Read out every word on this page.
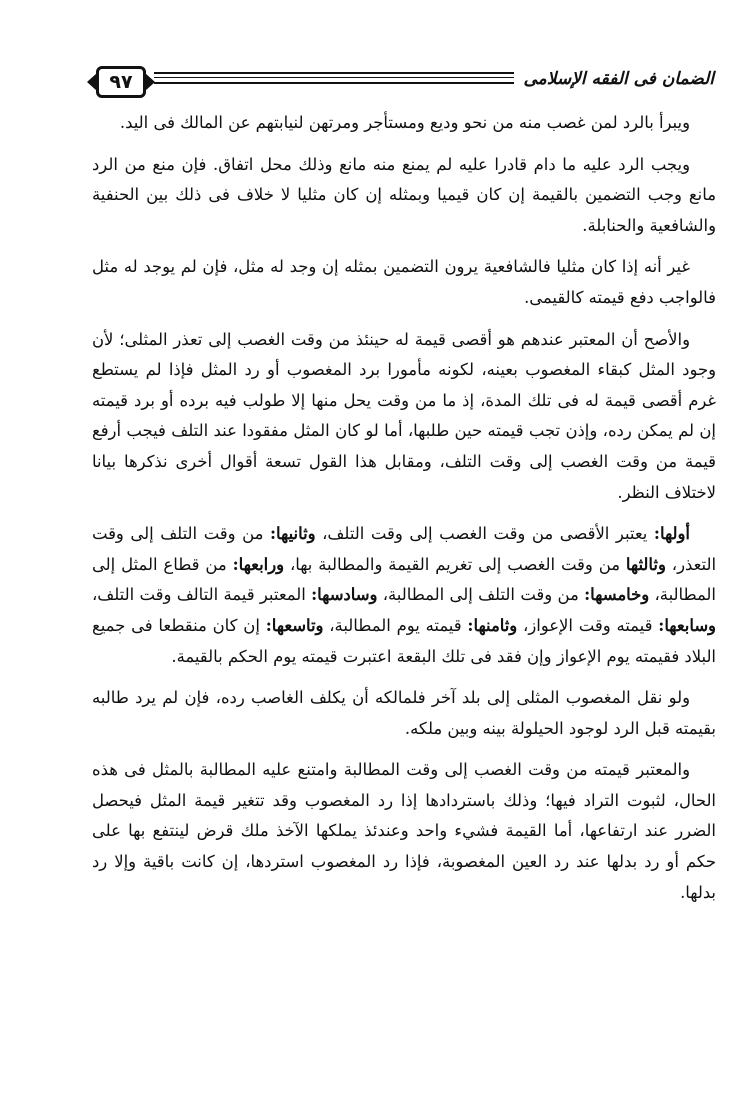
٩٧	الضمان فى الفقه الإسلامى

ويبرأ بالرد لمن غصب منه من نحو وديع ومستأجر ومرتهن لنيابتهم عن المالك فى اليد.

ويجب الرد عليه ما دام قادرا عليه لم يمنع منه مانع وذلك محل اتفاق. فإن منع من الرد مانع وجب التضمين بالقيمة إن كان قيميا وبمثله إن كان مثليا لا خلاف فى ذلك بين الحنفية والشافعية والحنابلة.

غير أنه إذا كان مثليا فالشافعية يرون التضمين بمثله إن وجد له مثل، فإن لم يوجد له مثل فالواجب دفع قيمته كالقيمى.

والأصح أن المعتبر عندهم هو أقصى قيمة له حينئذ من وقت الغصب إلى تعذر المثلى؛ لأن وجود المثل كبقاء المغصوب بعينه، لكونه مأمورا برد المغصوب أو رد المثل فإذا لم يستطع غرم أقصى قيمة له فى تلك المدة، إذ ما من وقت يحل منها إلا طولب فيه برده أو برد قيمته إن لم يمكن رده، وإذن تجب قيمته حين طلبها، أما لو كان المثل مفقودا عند التلف فيجب أرفع قيمة من وقت الغصب إلى وقت التلف، ومقابل هذا القول تسعة أقوال أخرى نذكرها بيانا لاختلاف النظر.

أولها: يعتبر الأقصى من وقت الغصب إلى وقت التلف، وثانيها: من وقت التلف إلى وقت التعذر، وثالثها من وقت الغصب إلى تغريم القيمة والمطالبة بها، ورابعها: من قطاع المثل إلى المطالبة، وخامسها: من وقت التلف إلى المطالبة، وسادسها: المعتبر قيمة التالف وقت التلف، وسابعها: قيمته وقت الإعواز، وثامنها: قيمته يوم المطالبة، وتاسعها: إن كان منقطعا فى جميع البلاد فقيمته يوم الإعواز وإن فقد فى تلك البقعة اعتبرت قيمته يوم الحكم بالقيمة.

ولو نقل المغصوب المثلى إلى بلد آخر فلمالكه أن يكلف الغاصب رده، فإن لم يرد طالبه بقيمته قبل الرد لوجود الحيلولة بينه وبين ملكه.

والمعتبر قيمته من وقت الغصب إلى وقت المطالبة وامتنع عليه المطالبة بالمثل فى هذه الحال، لثبوت التراد فيها؛ وذلك باستردادها إذا رد المغصوب وقد تتغير قيمة المثل فيحصل الضرر عند ارتفاعها، أما القيمة فشيء واحد وعندئذ يملكها الآخذ ملك قرض لينتفع بها على حكم أو رد بدلها عند رد العين المغصوبة، فإذا رد المغصوب استردها، إن كانت باقية وإلا رد بدلها.
